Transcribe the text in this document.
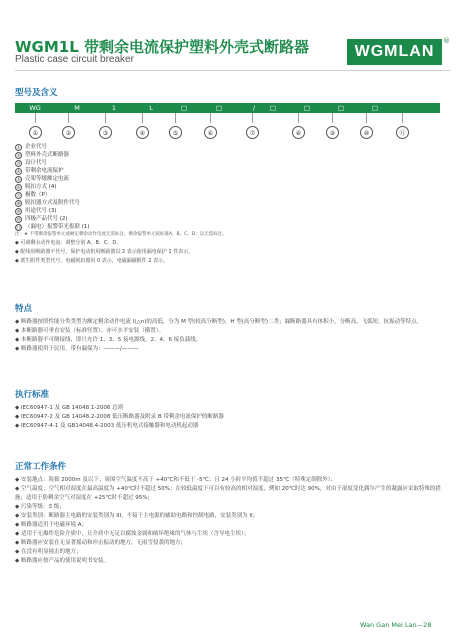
WGM1L 带剩余电流保护塑料外壳式断路器
Plastic case circuit breaker	WGMLAN
®
型号及含义
WG	M	1	L	□	□	/	□	□	□	□
①	②	③	④	⑤	⑥	⑦	⑧	⑨	⑩	⑪
① 企业代号
② 塑料外壳式断路器
③ 设计代号
④ 带剩余电流保护
⑤ 壳架等级额定电流
⑥ 脱扣方式 (4)
⑦ 极数（P）
⑧ 脱扣器方式及附件代号
⑨ 用途代号 (3)
⑩ 四极产品代号 (2)
⑪ （漏电）报警带光报联 (1)
注：★ 不带剩余报警单元或额定剩余动作电流无需标注，剩余报警单元按标准A、B、C、D；以无需标注。
◆ 可调剩余动作电流：调整分别 A、B、C、D。
◆ 配线用断路器不代号，保护电动机用断路器以 2 表示使用漏电保护 1 件表示。
◆ 派生附件类型代号，电磁脱扣器用 0 表示，电磁漏磁附件 2 表示。
特点
◆ 断路器按照性能分类类型为额定剩余动作电流 I(△n)的高低，分为 M 型(较高分断型)，H 型(高分断型)二类；漏断路器具有体积小，分断高，飞弧短，抗振动等特点。
◆ 本断路器可垂直安装（标准竖置）、亦可水平安装（横置）。
◆ 本断路器不可倒接线，即只允许 1、3、5 接电源线，2、4、6 接负载线。
◆ 断路器使用于民用，带有漏保为：———/———
执行标准
◆ IEC60947-1 及 GB 14048.1-2006 总则
◆ IEC60947-2 及 GB 14048.2-2008 低压断路器及附录 B 带剩余电流保护的断路器
◆ IEC60947-4-1 及 GB14048.4-2003 低压机电式接触器和电动机起动器
正常工作条件
◆ 安装地点：海拔 2000m 及以下；周围空气温度不高于 +40℃和不低于 -5℃；且 24 小时平均值不超过 35℃（特殊定制除外）；
◆ 空气温度：空气相对湿度在最高温度为 +40℃时不超过 50%；在较低温度下可以有较高的相对湿度，例如 20℃时达 90%，对由于湿度变化偶尔产生的凝露应采取特殊的措施；适用于防剩余空气对湿度在 +25℃时不超过 95%；
◆ 污染等级：3 级；
◆ 安装类别：断路器主电路的安装类别为 III，不接于主电源的辅助电路和控制电路，安装类别为 II；
◆ 断路器适用于电磁环境 A；
◆ 适用于无爆炸危险介质中，且介质中无足以腐蚀金属和破坏绝缘的气体与尘埃（含导电尘埃）；
◆ 断路器应安装在无显著摇动和冲击振动的地方，无雨雪侵袭的地方；
◆ 在没有明显撞击的地方；
◆ 断路器应按产品的使用说明书安装。
Wan Gan Mei Lan—28
